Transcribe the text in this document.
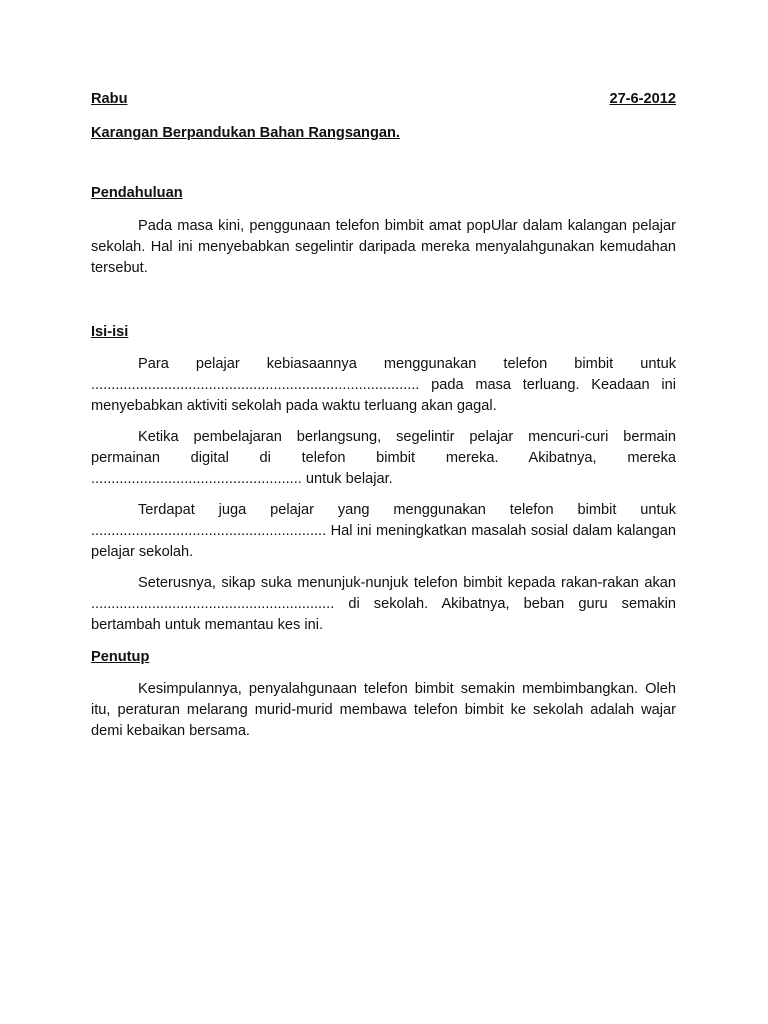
Rabu	27-6-2012
Karangan Berpandukan Bahan Rangsangan.
Pendahuluan

Pada masa kini, penggunaan telefon bimbit amat popUlar dalam kalangan pelajar sekolah. Hal ini menyebabkan segelintir daripada mereka menyalahgunakan kemudahan tersebut.

Isi-isi

Para pelajar kebiasaannya menggunakan telefon bimbit untuk ................................................................................. pada masa terluang. Keadaan ini menyebabkan aktiviti sekolah pada waktu terluang akan gagal.

Ketika pembelajaran berlangsung, segelintir pelajar mencuri-curi bermain permainan digital di telefon bimbit mereka. Akibatnya, mereka .................................................... untuk belajar.

Terdapat juga pelajar yang menggunakan telefon bimbit untuk .......................................................... Hal ini meningkatkan masalah sosial dalam kalangan pelajar sekolah.

Seterusnya, sikap suka menunjuk-nunjuk telefon bimbit kepada rakan-rakan akan ............................................................ di sekolah. Akibatnya, beban guru semakin bertambah untuk memantau kes ini.

Penutup

Kesimpulannya, penyalahgunaan telefon bimbit semakin membimbangkan. Oleh itu, peraturan melarang murid-murid membawa telefon bimbit ke sekolah adalah wajar demi kebaikan bersama.
